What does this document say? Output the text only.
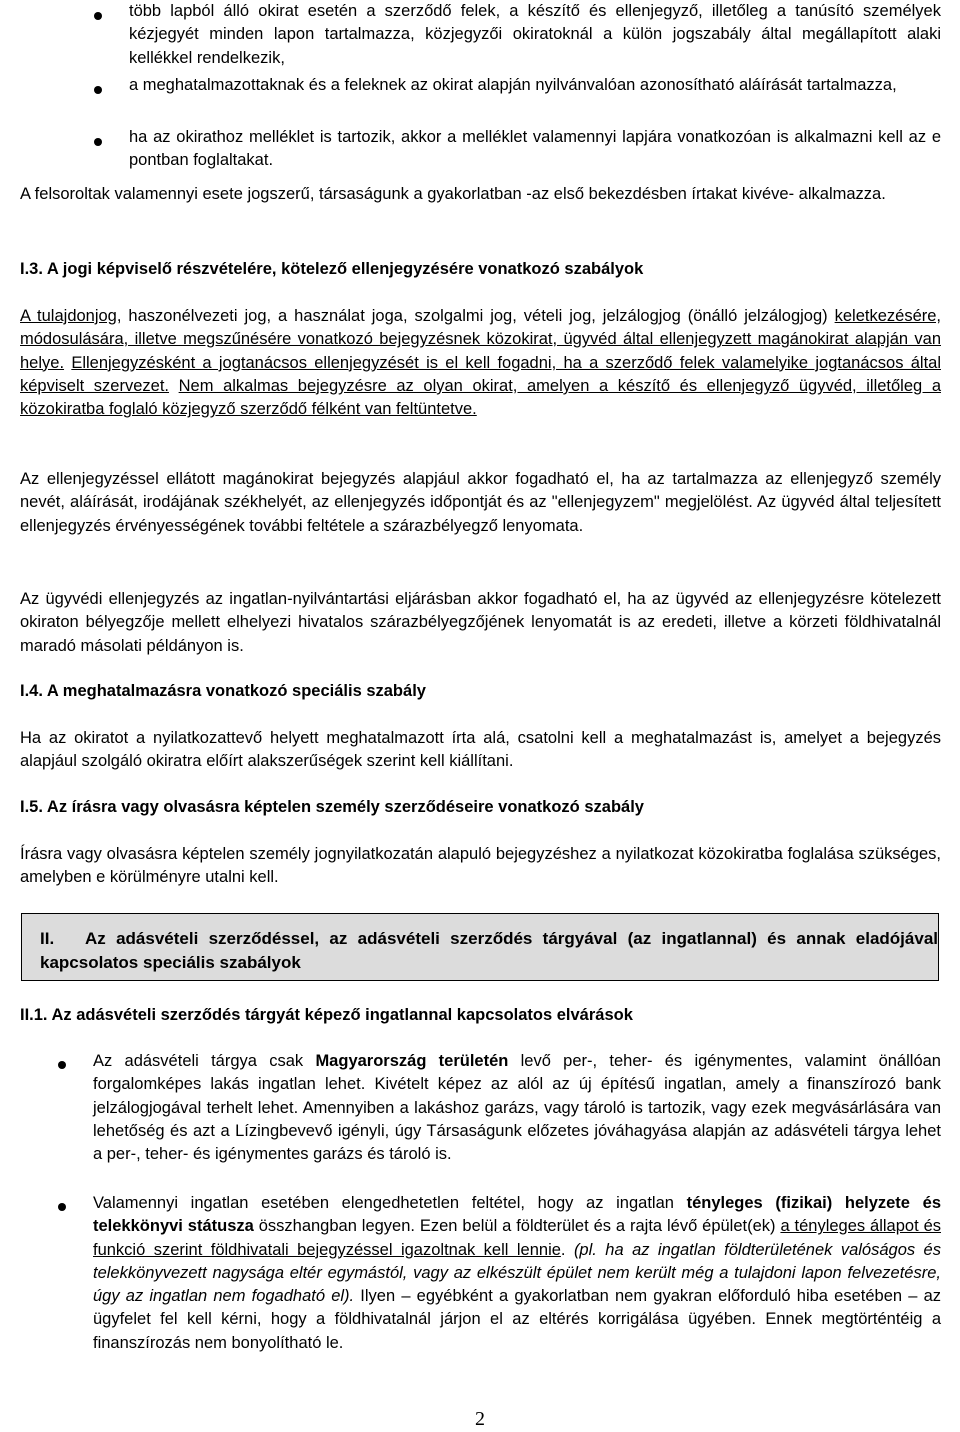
több lapból álló okirat esetén a szerződő felek, a készítő és ellenjegyző, illetőleg a tanúsító személyek kézjegyét minden lapon tartalmazza, közjegyzői okiratoknál a külön jogszabály által megállapított alaki kellékkel rendelkezik,

a meghatalmazottaknak és a feleknek az okirat alapján nyilvánvalóan azonosítható aláírását tartalmazza,

ha az okirathoz melléklet is tartozik, akkor a melléklet valamennyi lapjára vonatkozóan is alkalmazni kell az e pontban foglaltakat.

A felsoroltak valamennyi esete jogszerű, társaságunk a gyakorlatban -az első bekezdésben írtakat kivéve- alkalmazza.

I.3. A jogi képviselő részvételére, kötelező ellenjegyzésére vonatkozó szabályok

A tulajdonjog, haszonélvezeti jog, a használat joga, szolgalmi jog, vételi jog, jelzálogjog (önálló jelzálogjog) keletkezésére, módosulására, illetve megszűnésére vonatkozó bejegyzésnek közokirat, ügyvéd által ellenjegyzett magánokirat alapján van helye. Ellenjegyzésként a jogtanácsos ellenjegyzését is el kell fogadni, ha a szerződő felek valamelyike jogtanácsos által képviselt szervezet. Nem alkalmas bejegyzésre az olyan okirat, amelyen a készítő és ellenjegyző ügyvéd, illetőleg a közokiratba foglaló közjegyző szerződő félként van feltüntetve.

Az ellenjegyzéssel ellátott magánokirat bejegyzés alapjául akkor fogadható el, ha az tartalmazza az ellenjegyző személy nevét, aláírását, irodájának székhelyét, az ellenjegyzés időpontját és az "ellenjegyzem" megjelölést. Az ügyvéd által teljesített ellenjegyzés érvényességének további feltétele a szárazbélyegző lenyomata.

Az ügyvédi ellenjegyzés az ingatlan-nyilvántartási eljárásban akkor fogadható el, ha az ügyvéd az ellenjegyzésre kötelezett okiraton bélyegzője mellett elhelyezi hivatalos szárazbélyegzőjének lenyomatát is az eredeti, illetve a körzeti földhivatalnál maradó másolati példányon is.

I.4. A meghatalmazásra vonatkozó speciális szabály

Ha az okiratot a nyilatkozattevő helyett meghatalmazott írta alá, csatolni kell a meghatalmazást is, amelyet a bejegyzés alapjául szolgáló okiratra előírt alakszerűségek szerint kell kiállítani.

I.5. Az írásra vagy olvasásra képtelen személy szerződéseire vonatkozó szabály

Írásra vagy olvasásra képtelen személy jognyilatkozatán alapuló bejegyzéshez a nyilatkozat közokiratba foglalása szükséges, amelyben e körülményre utalni kell.

II. Az adásvételi szerződéssel, az adásvételi szerződés tárgyával (az ingatlannal) és annak eladójával kapcsolatos speciális szabályok

II.1. Az adásvételi szerződés tárgyát képező ingatlannal kapcsolatos elvárások

Az adásvételi tárgya csak Magyarország területén levő per-, teher- és igénymentes, valamint önállóan forgalomképes lakás ingatlan lehet. Kivételt képez az alól az új építésű ingatlan, amely a finanszírozó bank jelzálogjogával terhelt lehet. Amennyiben a lakáshoz garázs, vagy tároló is tartozik, vagy ezek megvásárlására van lehetőség és azt a Lízingbevevő igényli, úgy Társaságunk előzetes jóváhagyása alapján az adásvételi tárgya lehet a per-, teher- és igénymentes garázs és tároló is.

Valamennyi ingatlan esetében elengedhetetlen feltétel, hogy az ingatlan tényleges (fizikai) helyzete és telekkönyvi státusza összhangban legyen. Ezen belül a földterület és a rajta lévő épület(ek) a tényleges állapot és funkció szerint földhivatali bejegyzéssel igazoltnak kell lennie. (pl. ha az ingatlan földterületének valóságos és telekkönyvezett nagysága eltér egymástól, vagy az elkészült épület nem került még a tulajdoni lapon felvezetésre, úgy az ingatlan nem fogadható el). Ilyen – egyébként a gyakorlatban nem gyakran előforduló hiba esetében – az ügyfelet fel kell kérni, hogy a földhivatalnál járjon el az eltérés korrigálása ügyében. Ennek megtörténtéig a finanszírozás nem bonyolítható le.

2
